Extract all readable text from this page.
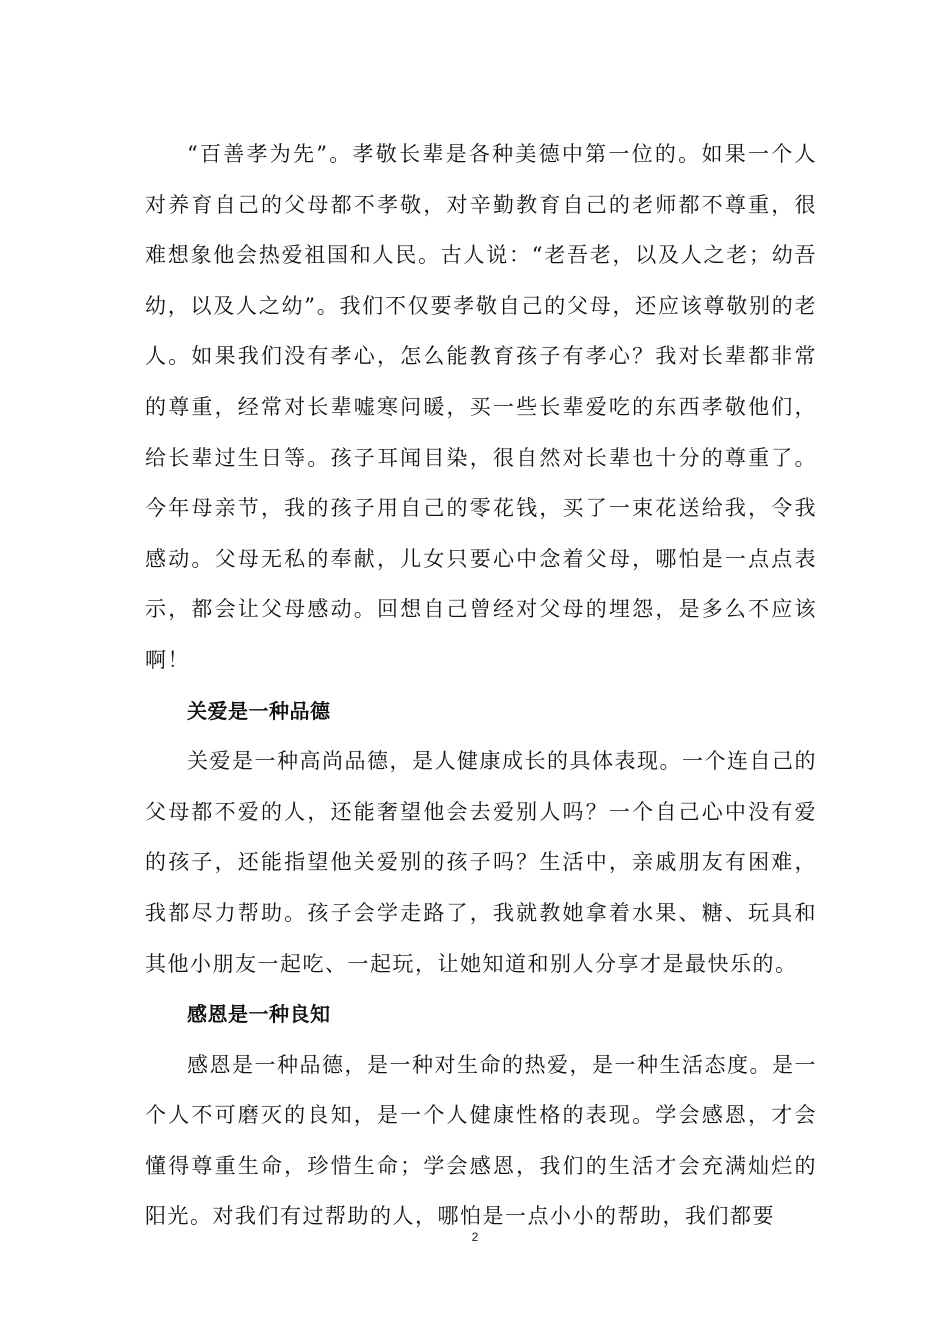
“百善孝为先”。孝敬长辈是各种美德中第一位的。如果一个人对养育自己的父母都不孝敬，对辛勤教育自己的老师都不尊重，很难想象他会热爱祖国和人民。古人说：“老吾老，以及人之老；幼吾幼，以及人之幼”。我们不仅要孝敬自己的父母，还应该尊敬别的老人。如果我们没有孝心，怎么能教育孩子有孝心？我对长辈都非常的尊重，经常对长辈嘘寒问暖，买一些长辈爱吃的东西孝敬他们，给长辈过生日等。孩子耳闻目染，很自然对长辈也十分的尊重了。今年母亲节，我的孩子用自己的零花钱，买了一束花送给我，令我感动。父母无私的奉献，儿女只要心中念着父母，哪怕是一点点表示，都会让父母感动。回想自己曾经对父母的埋怨，是多么不应该啊！

关爱是一种品德

关爱是一种高尚品德，是人健康成长的具体表现。一个连自己的父母都不爱的人，还能奢望他会去爱别人吗？一个自己心中没有爱的孩子，还能指望他关爱别的孩子吗？生活中，亲戚朋友有困难，我都尽力帮助。孩子会学走路了，我就教她拿着水果、糖、玩具和其他小朋友一起吃、一起玩，让她知道和别人分享才是最快乐的。

感恩是一种良知

感恩是一种品德，是一种对生命的热爱，是一种生活态度。是一个人不可磨灭的良知，是一个人健康性格的表现。学会感恩，才会懂得尊重生命，珍惜生命；学会感恩，我们的生活才会充满灿烂的阳光。对我们有过帮助的人，哪怕是一点小小的帮助，我们都要

2
